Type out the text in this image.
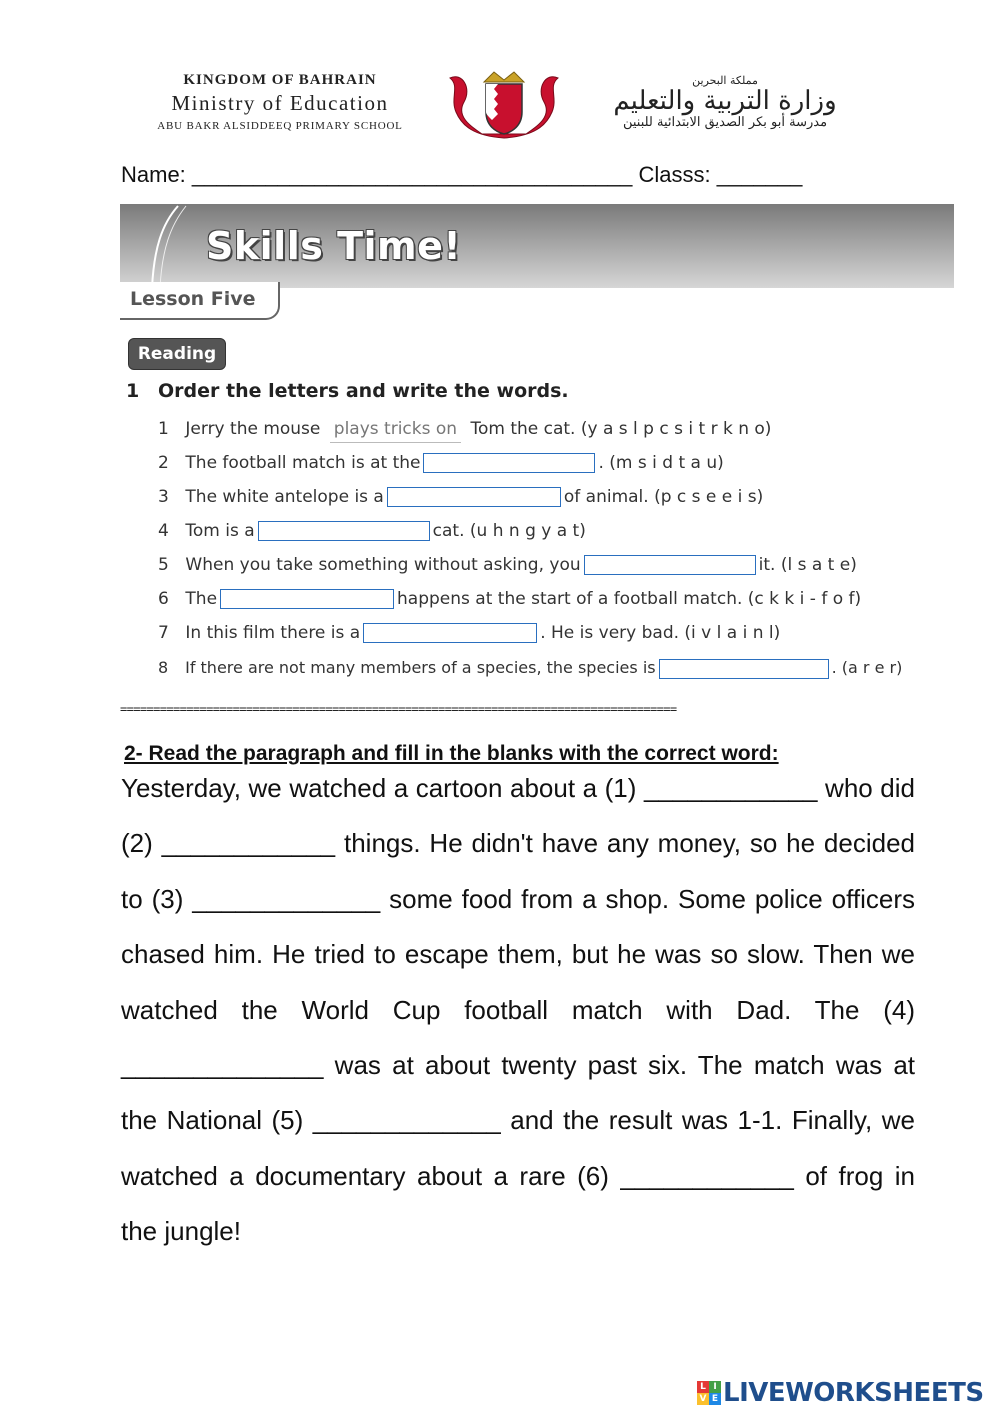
KINGDOM OF BAHRAIN
Ministry of Education
ABU BAKR ALSIDDEEQ PRIMARY SCHOOL
مملكة البحرين
وزارة التربية والتعليم
مدرسة أبو بكر الصديق الابتدائية للبنين
Name: ____________________________________ Classs: _______
Skills Time!
Lesson Five
Reading
1 Order the letters and write the words.
1 Jerry the mouse plays tricks on Tom the cat. (y a s l p c s i t r k n o)
2 The football match is at the	. (m s i d t a u)
3 The white antelope is a	of animal. (p c s e e i s)
4 Tom is a	cat. (u h n g y a t)
5 When you take something without asking, you	it. (l s a t e)
6 The	happens at the start of a football match. (c k k i - f o f)
7 In this film there is a	. He is very bad. (i v l a i n l)
8 If there are not many members of a species, the species is	. (a r e r)
====================================================================================
2- Read the paragraph and fill in the blanks with the correct word:
Yesterday, we watched a cartoon about a (1) ____________ who did (2) ____________ things. He didn't have any money, so he decided to (3) _____________ some food from a shop. Some police officers chased him. He tried to escape them, but he was so slow. Then we watched the World Cup football match with Dad. The (4) ______________ was at about twenty past six. The match was at the National (5) _____________ and the result was 1-1. Finally, we watched a documentary about a rare (6) ____________ of frog in the jungle!
L I
V E LIVEWORKSHEETS
